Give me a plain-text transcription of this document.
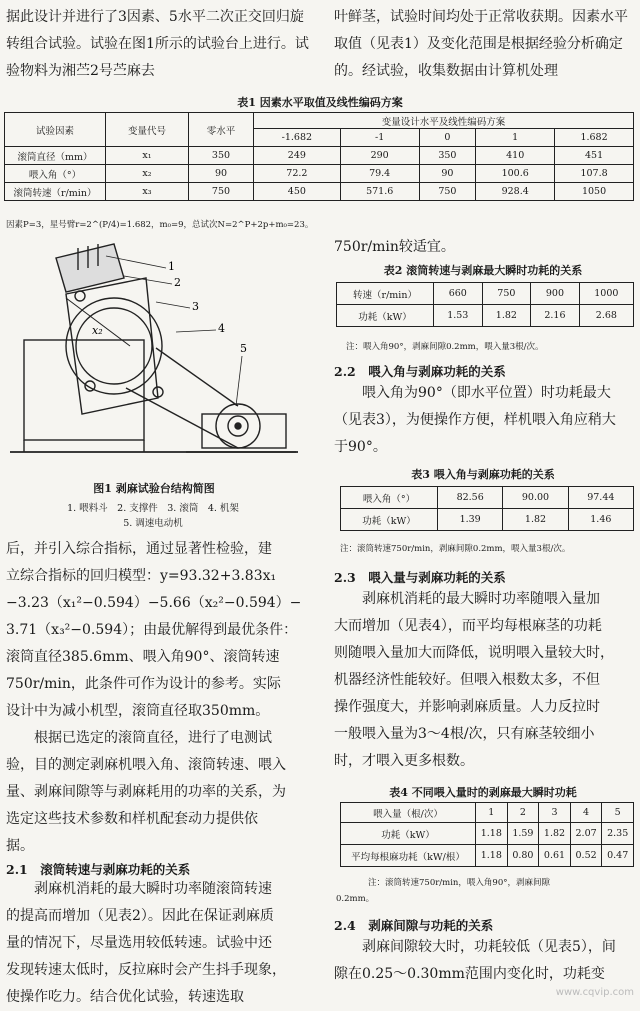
据此设计并进行了3因素、5水平二次正交回归旋转组合试验。试验在图1所示的试验台上进行。试验物料为湘苎2号苎麻去

叶鲜茎，试验时间均处于正常收获期。因素水平取值（见表1）及变化范围是根据经验分析确定的。经试验，收集数据由计算机处理

表1 因素水平取值及线性编码方案
试验因素	变量代号	零水平	变量设计水平及线性编码方案				
			-1.682	-1	0	1	1.682
滚筒直径（mm）	x₁	350	249	290	350	410	451
喂入角（°）	x₂	90	72.2	79.4	90	100.6	107.8
滚筒转速（r/min）	x₃	750	450	571.6	750	928.4	1050
因素P=3，星号臂r=2^(P/4)=1.682，m₀=9，总试次N=2^P+2p+m₀=23。
1
2
3
4
5
x₂
图1 剥麻试验台结构简图
1. 喂料斗　2. 支撑件　3. 滚筒　4. 机架
5. 调速电动机
后，并引入综合指标，通过显著性检验，建
立综合指标的回归模型：y=93.32+3.83x₁
−3.23（x₁²−0.594）−5.66（x₂²−0.594）−
3.71（x₃²−0.594）；由最优解得到最优条件：
滚筒直径385.6mm、喂入角90°、滚筒转速
750r/min，此条件可作为设计的参考。实际
设计中为减小机型，滚筒直径取350mm。
　　根据已选定的滚筒直径，进行了电测试
验，目的测定剥麻机喂入角、滚筒转速、喂入
量、剥麻间隙等与剥麻耗用的功率的关系，为
选定这些技术参数和样机配套动力提供依
据。
2.1　滚筒转速与剥麻功耗的关系
　　剥麻机消耗的最大瞬时功率随滚筒转速
的提高而增加（见表2）。因此在保证剥麻质
量的情况下，尽量选用较低转速。试验中还
发现转速太低时，反拉麻时会产生抖手现象，
使操作吃力。结合优化试验，转速选取
750r/min较适宜。
表2 滚筒转速与剥麻最大瞬时功耗的关系
转速（r/min）	660	750	900	1000
功耗（kW）	1.53	1.82	2.16	2.68
注：喂入角90°，剥麻间隙0.2mm，喂入量3根/次。
2.2　喂入角与剥麻功耗的关系
　　喂入角为90°（即水平位置）时功耗最大
（见表3），为便操作方便，样机喂入角应稍大
于90°。
表3 喂入角与剥麻功耗的关系
喂入角（°）	82.56	90.00	97.44
功耗（kW）	1.39	1.82	1.46
注：滚筒转速750r/min，剥麻间隙0.2mm，喂入量3根/次。
2.3　喂入量与剥麻功耗的关系
　　剥麻机消耗的最大瞬时功率随喂入量加
大而增加（见表4），而平均每根麻茎的功耗
则随喂入量加大而降低，说明喂入量较大时，
机器经济性能较好。但喂入根数太多，不但
操作强度大，并影响剥麻质量。人力反拉时
一般喂入量为3～4根/次，只有麻茎较细小
时，才喂入更多根数。
表4 不同喂入量时的剥麻最大瞬时功耗
喂入量（根/次）	1	2	3	4	5
功耗（kW）	1.18	1.59	1.82	2.07	2.35
平均每根麻功耗（kW/根）	1.18	0.80	0.61	0.52	0.47
注：滚筒转速750r/min，喂入角90°，剥麻间隙
0.2mm。
2.4　剥麻间隙与功耗的关系
　　剥麻间隙较大时，功耗较低（见表5），间
隙在0.25～0.30mm范围内变化时，功耗变
www.cqvip.com
